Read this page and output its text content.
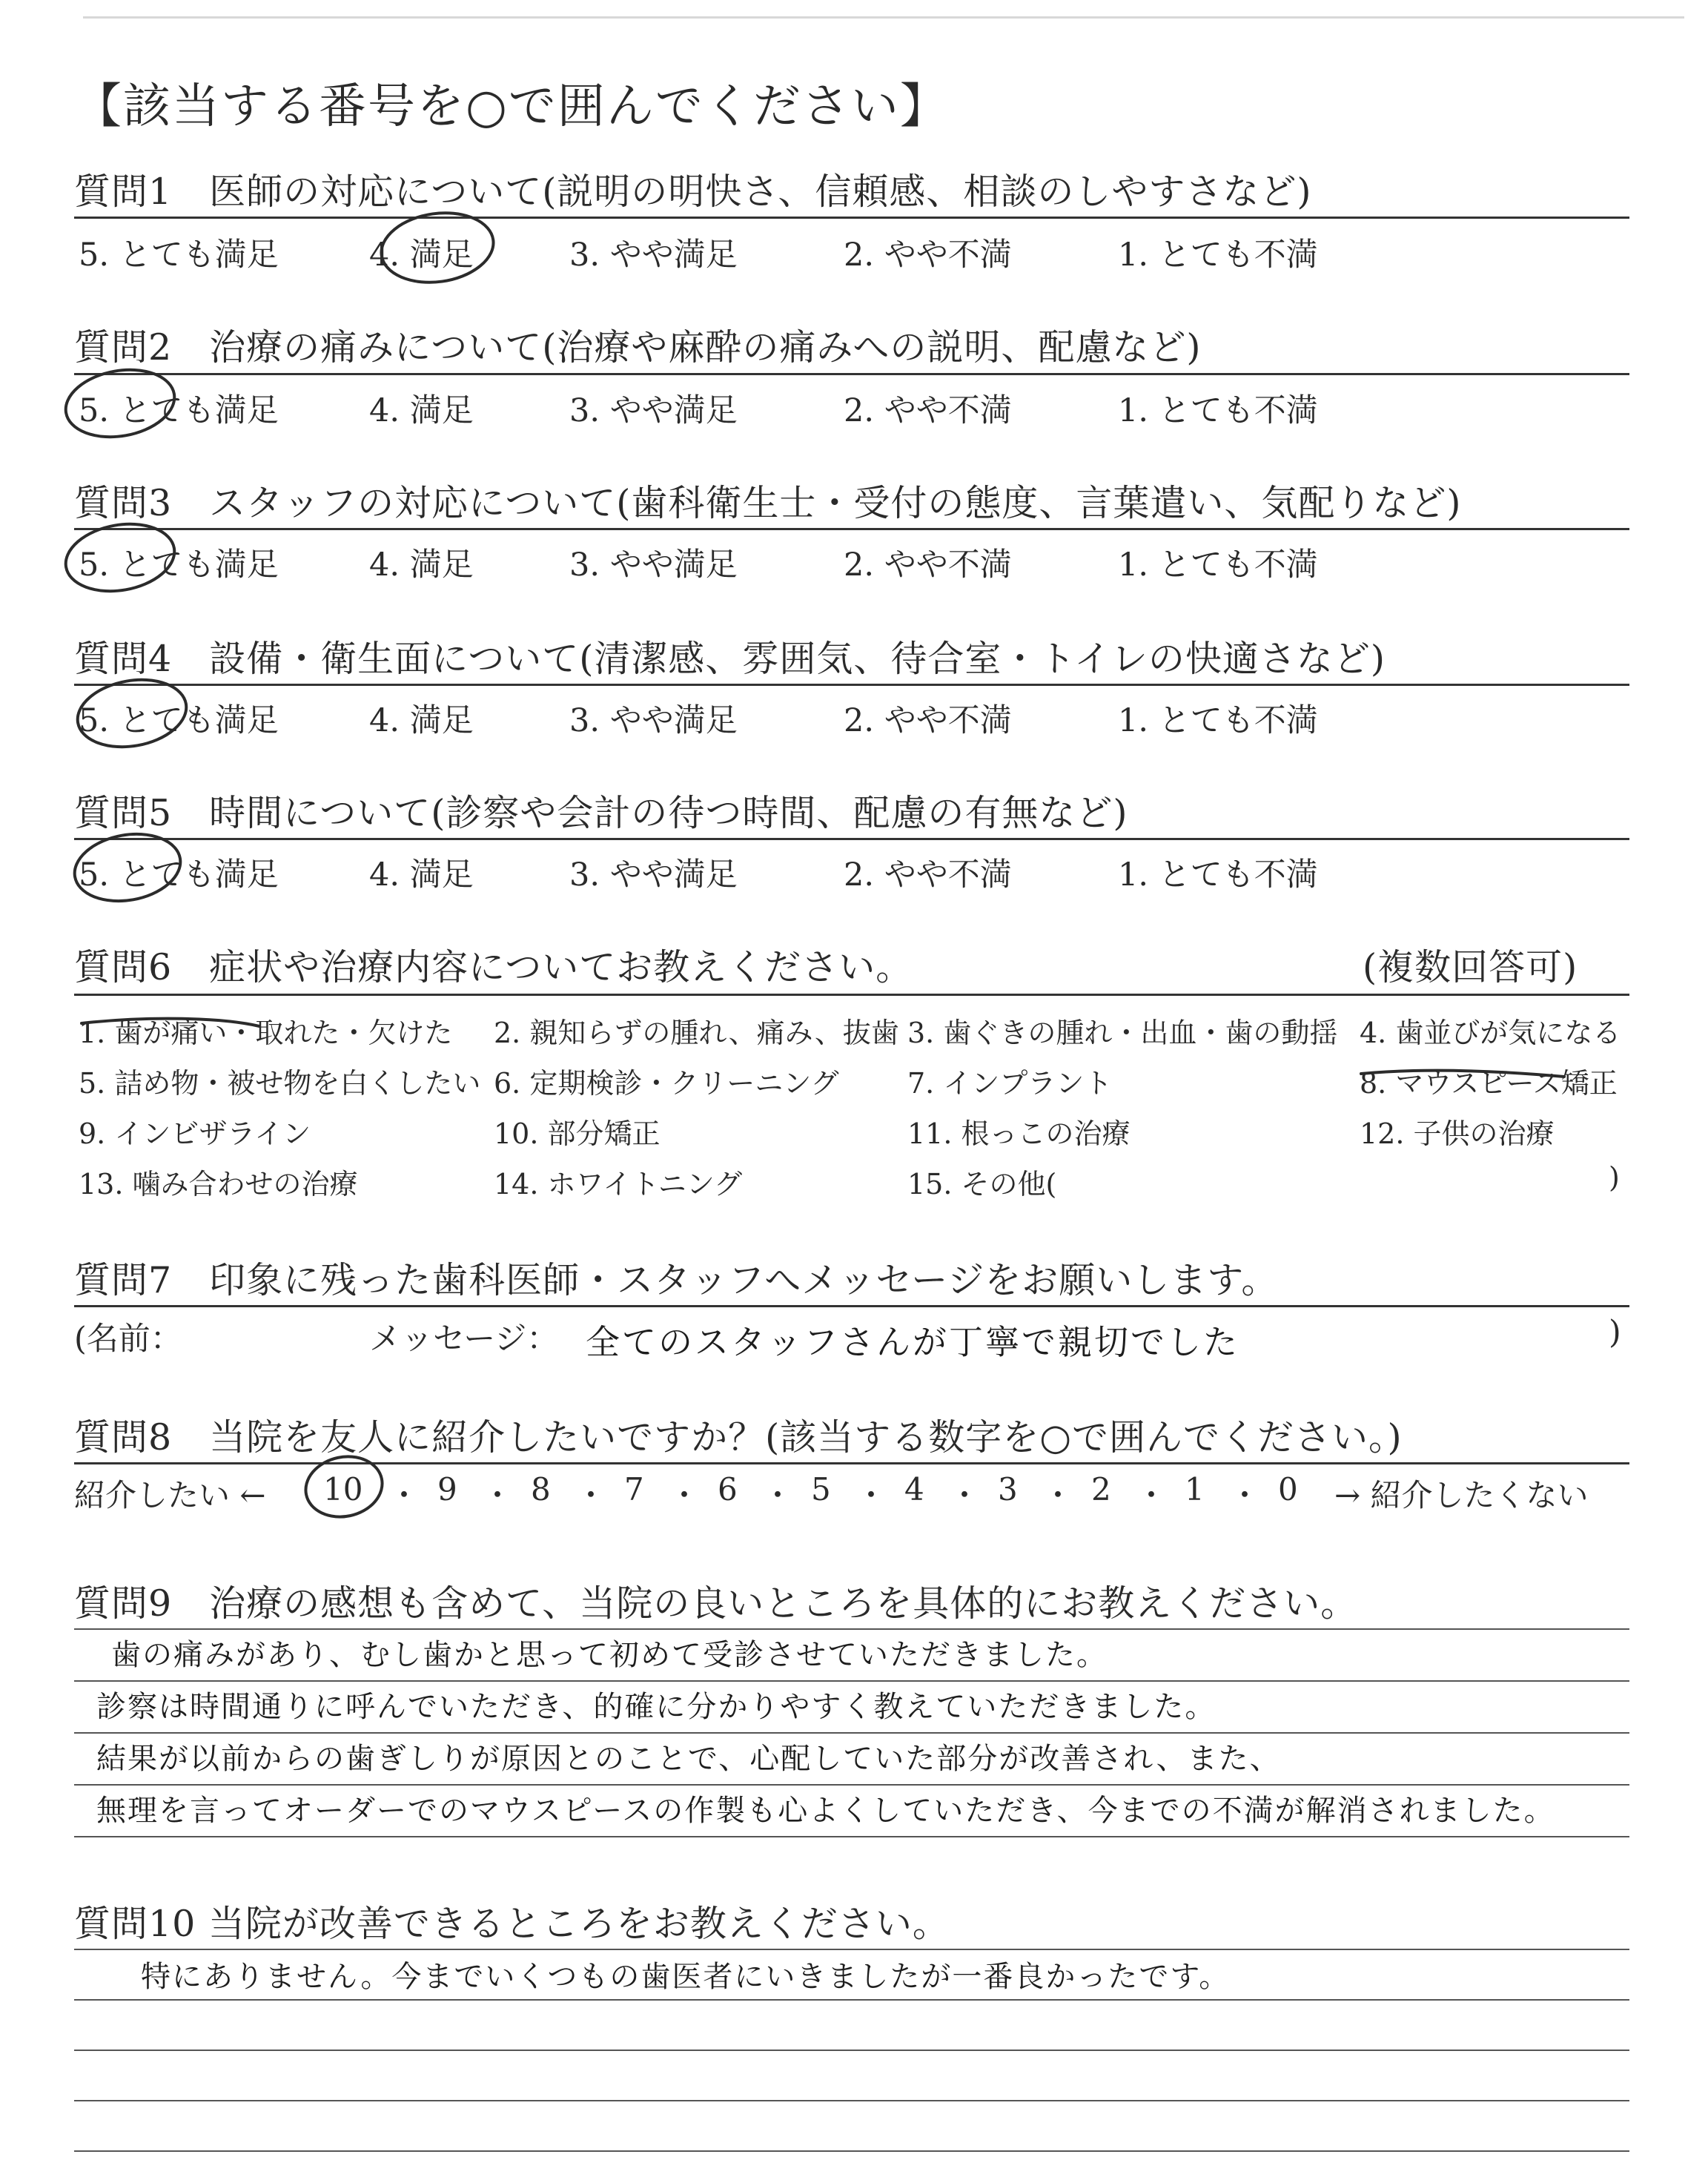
【該当する番号を○で囲んでください】
質問1　医師の対応について(説明の明快さ、信頼感、相談のしやすさなど)
5. とても満足	4. 満足	3. やや満足	2. やや不満	1. とても不満
質問2　治療の痛みについて(治療や麻酔の痛みへの説明、配慮など)
5. とても満足	4. 満足	3. やや満足	2. やや不満	1. とても不満
質問3　スタッフの対応について(歯科衛生士・受付の態度、言葉遣い、気配りなど)
5. とても満足	4. 満足	3. やや満足	2. やや不満	1. とても不満
質問4　設備・衛生面について(清潔感、雰囲気、待合室・トイレの快適さなど)
5. とても満足	4. 満足	3. やや満足	2. やや不満	1. とても不満
質問5　時間について(診察や会計の待つ時間、配慮の有無など)
5. とても満足	4. 満足	3. やや満足	2. やや不満	1. とても不満
質問6　症状や治療内容についてお教えください。	(複数回答可)
1. 歯が痛い・取れた・欠けた 2. 親知らずの腫れ、痛み、抜歯 3. 歯ぐきの腫れ・出血・歯の動揺 4. 歯並びが気になる
5. 詰め物・被せ物を白くしたい 6. 定期検診・クリーニング 7. インプラント	8. マウスピース矯正
9. インビザライン	10. 部分矯正	11. 根っこの治療	12. 子供の治療
13. 噛み合わせの治療	14. ホワイトニング	15. その他(	)
質問7　印象に残った歯科医師・スタッフへメッセージをお願いします。
(名前：	メッセージ： 全てのスタッフさんが丁寧で親切でした	)
質問8　当院を友人に紹介したいですか？(該当する数字を○で囲んでください。)
紹介したい ← 10 ・ 9 ・ 8 ・ 7 ・ 6 ・ 5 ・ 4 ・ 3 ・ 2 ・ 1 ・ 0 → 紹介したくない
質問9　治療の感想も含めて、当院の良いところを具体的にお教えください。
歯の痛みがあり、むし歯かと思って初めて受診させていただきました。
診察は時間通りに呼んでいただき、的確に分かりやすく教えていただきました。
結果が以前からの歯ぎしりが原因とのことで、心配していた部分が改善され、また、
無理を言ってオーダーでのマウスピースの作製も心よくしていただき、今までの不満が解消されました。
質問10 当院が改善できるところをお教えください。
特にありません。今までいくつもの歯医者にいきましたが一番良かったです。
